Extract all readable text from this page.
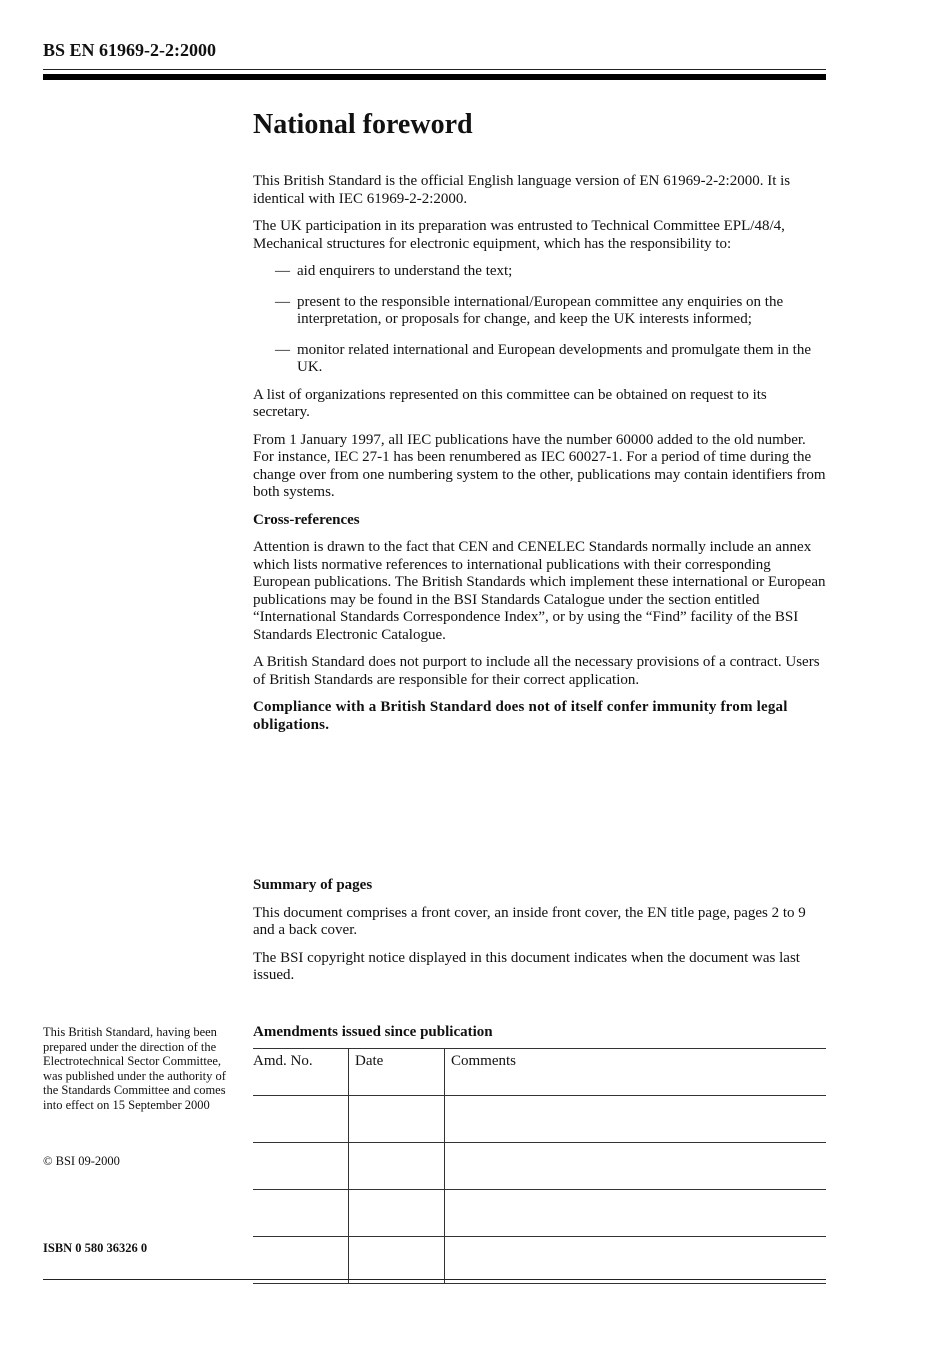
BS EN 61969-2-2:2000
National foreword

This British Standard is the official English language version of EN 61969-2-2:2000. It is identical with IEC 61969-2-2:2000.

The UK participation in its preparation was entrusted to Technical Committee EPL/48/4, Mechanical structures for electronic equipment, which has the responsibility to:

— aid enquirers to understand the text;
— present to the responsible international/European committee any enquiries on the interpretation, or proposals for change, and keep the UK interests informed;
— monitor related international and European developments and promulgate them in the UK.

A list of organizations represented on this committee can be obtained on request to its secretary.

From 1 January 1997, all IEC publications have the number 60000 added to the old number. For instance, IEC 27-1 has been renumbered as IEC 60027-1. For a period of time during the change over from one numbering system to the other, publications may contain identifiers from both systems.

Cross-references

Attention is drawn to the fact that CEN and CENELEC Standards normally include an annex which lists normative references to international publications with their corresponding European publications. The British Standards which implement these international or European publications may be found in the BSI Standards Catalogue under the section entitled “International Standards Correspondence Index”, or by using the “Find” facility of the BSI Standards Electronic Catalogue.

A British Standard does not purport to include all the necessary provisions of a contract. Users of British Standards are responsible for their correct application.

Compliance with a British Standard does not of itself confer immunity from legal obligations.

Summary of pages

This document comprises a front cover, an inside front cover, the EN title page, pages 2 to 9 and a back cover.

The BSI copyright notice displayed in this document indicates when the document was last issued.

This British Standard, having been prepared under the direction of the Electrotechnical Sector Committee, was published under the authority of the Standards Committee and comes into effect on 15 September 2000
© BSI 09-2000
ISBN 0 580 36326 0
Amendments issued since publication
Amd. No.	Date	Comments
